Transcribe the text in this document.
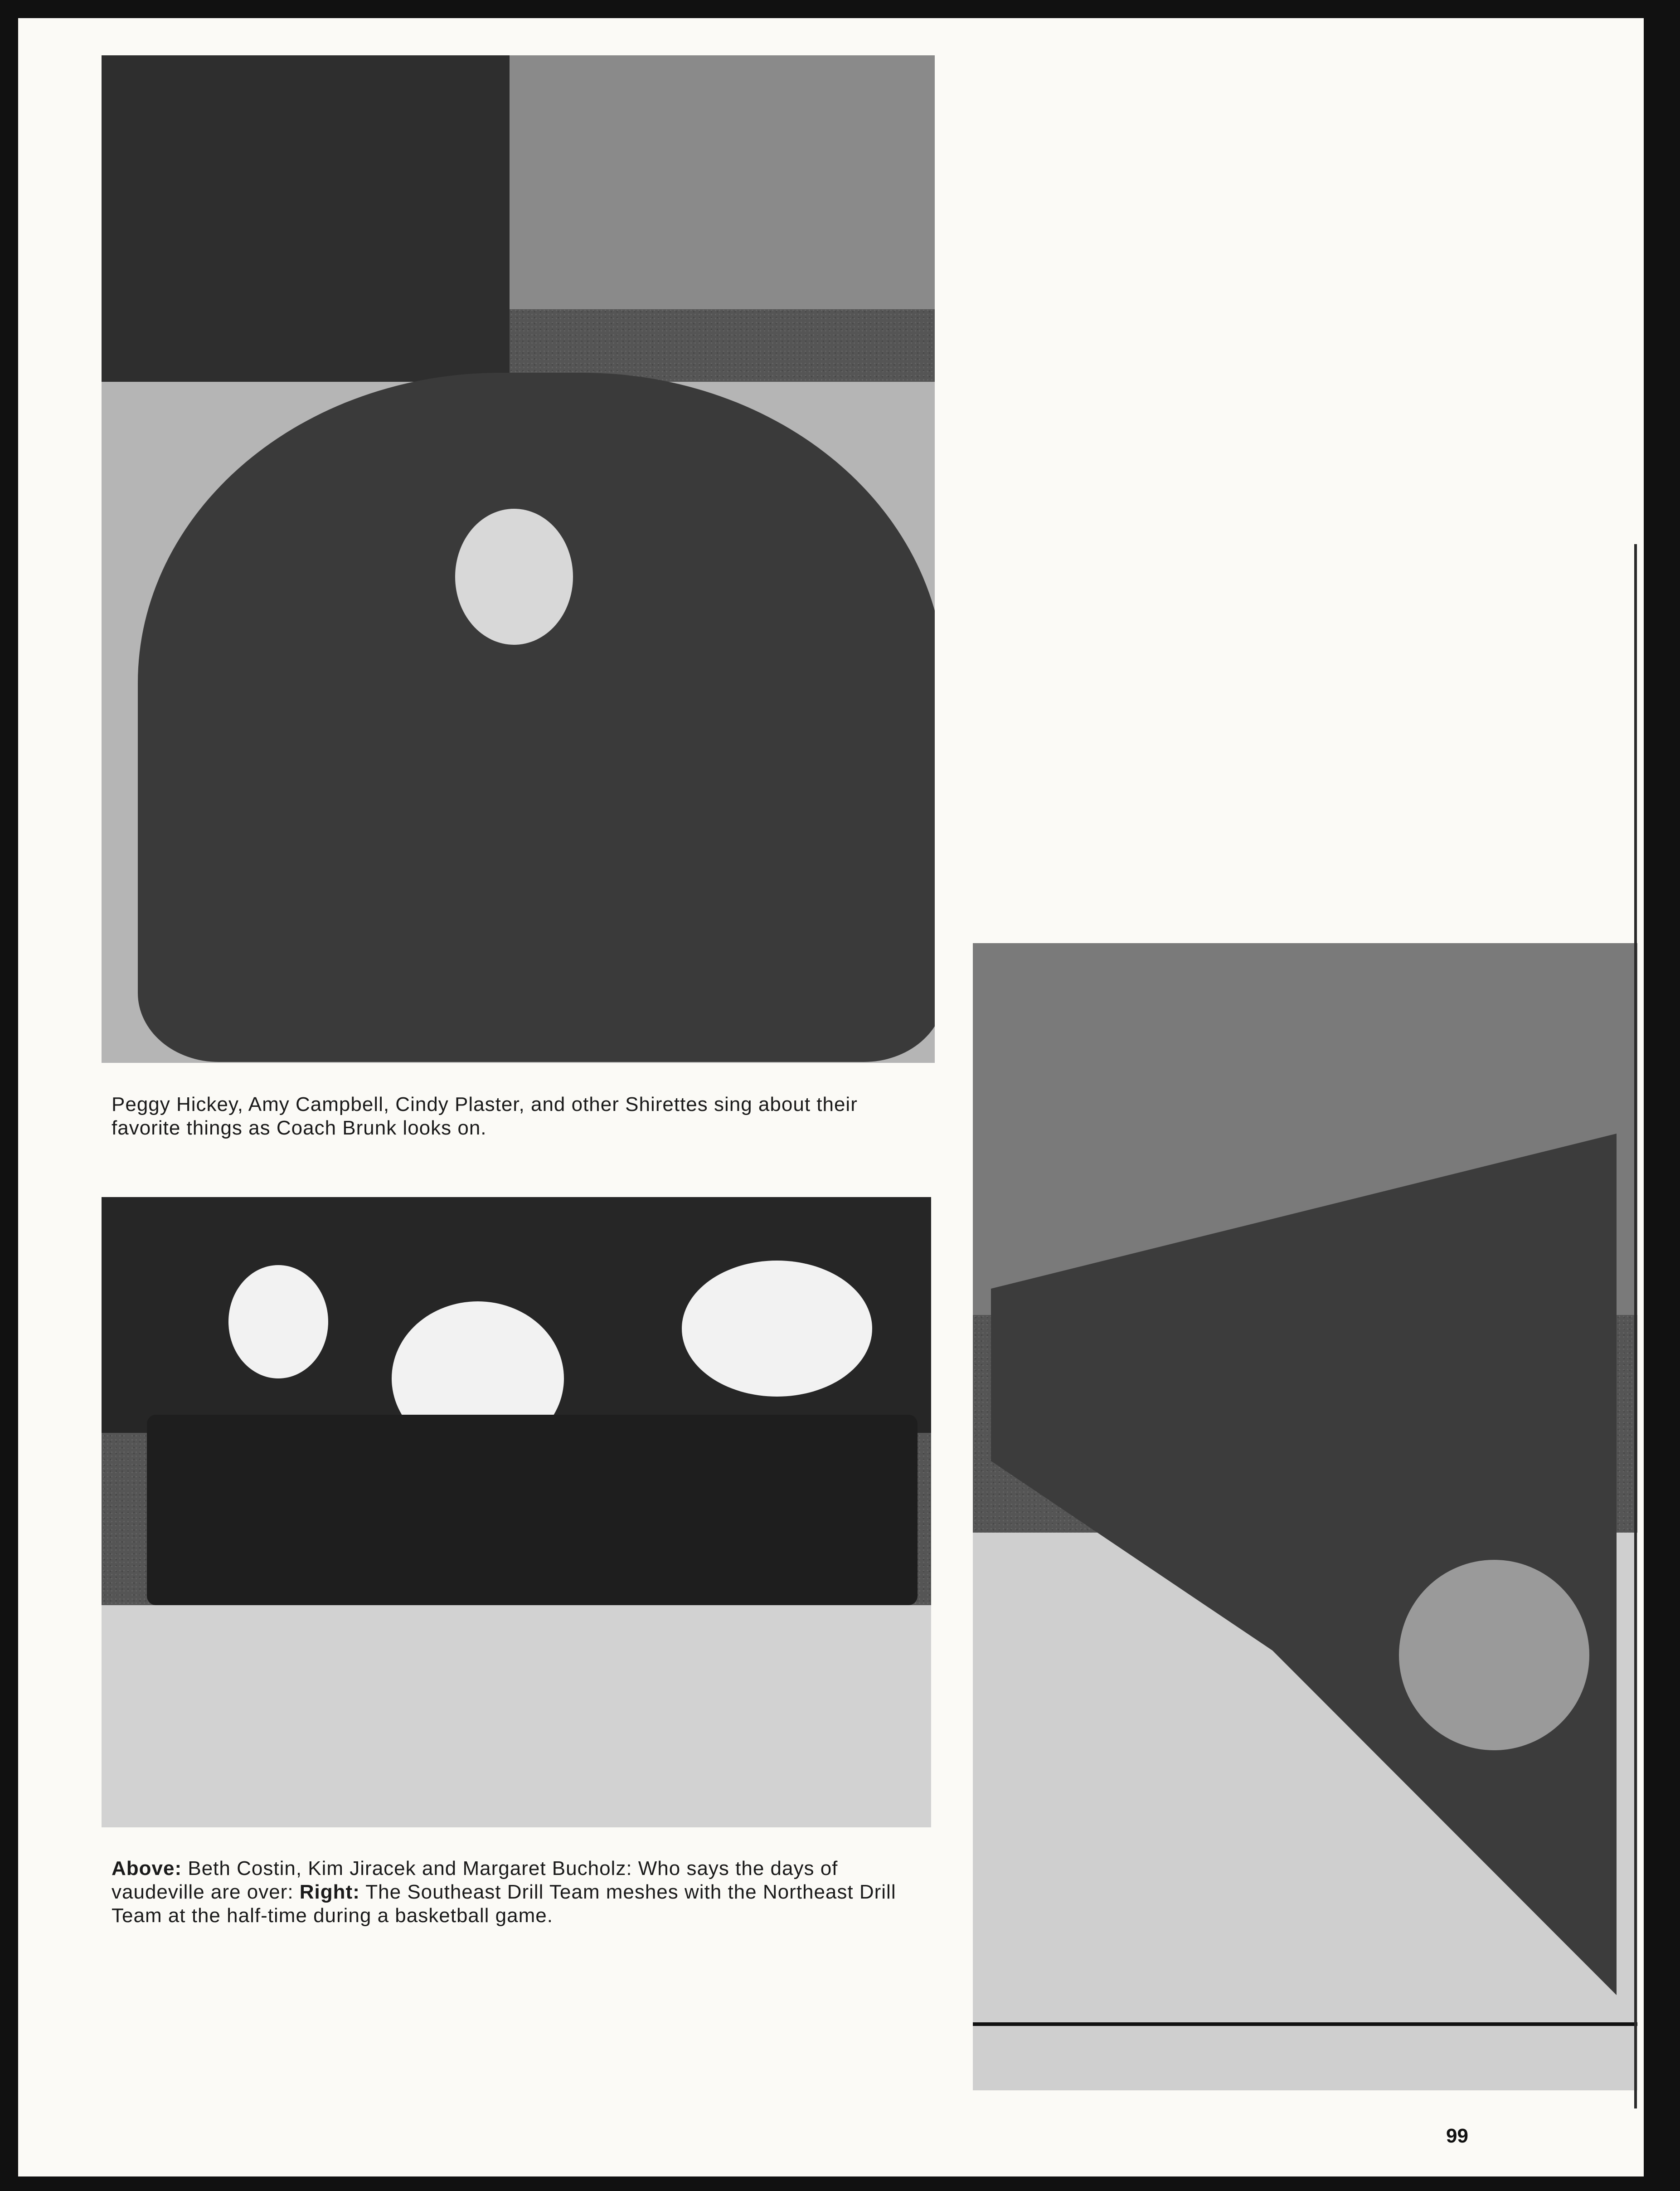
Peggy Hickey, Amy Campbell, Cindy Plaster, and other Shirettes sing about their favorite things as Coach Brunk looks on.
Above: Beth Costin, Kim Jiracek and Margaret Bucholz: Who says the days of vaudeville are over: Right: The Southeast Drill Team meshes with the Northeast Drill Team at the half-time during a basketball game.
99
